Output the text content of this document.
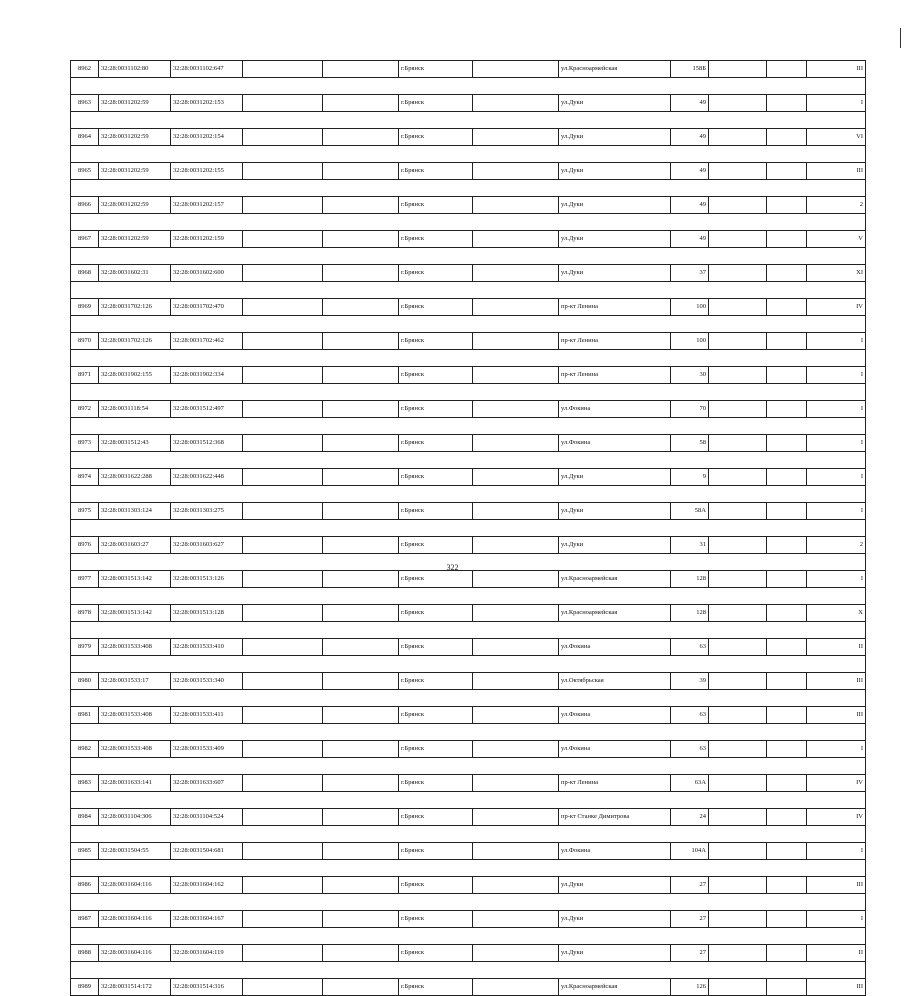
8962	32:28:0031102:80	32:28:0031102:647			г.Брянск		ул.Красноармейская	158Б			III

8963	32:28:0031202:59	32:28:0031202:153			г.Брянск		ул.Дуки	49			I

8964	32:28:0031202:59	32:28:0031202:154			г.Брянск		ул.Дуки	49			VI

8965	32:28:0031202:59	32:28:0031202:155			г.Брянск		ул.Дуки	49			III

8966	32:28:0031202:59	32:28:0031202:157			г.Брянск		ул.Дуки	49			2

8967	32:28:0031202:59	32:28:0031202:159			г.Брянск		ул.Дуки	49			V

8968	32:28:0031602:31	32:28:0031602:600			г.Брянск		ул.Дуки	37			XI

8969	32:28:0031702:126	32:28:0031702:470			г.Брянск		пр-кт Ленина	100			IV

8970	32:28:0031702:126	32:28:0031702:462			г.Брянск		пр-кт Ленина	100			I

8971	32:28:0031902:155	32:28:0031902:334			г.Брянск		пр-кт Ленина	30			I

8972	32:28:0031118:54	32:28:0031512:497			г.Брянск		ул.Фокина	70			I

8973	32:28:0031512:43	32:28:0031512:368			г.Брянск		ул.Фокина	58			I

8974	32:28:0031622:288	32:28:0031622:448			г.Брянск		ул.Дуки	9			I

8975	32:28:0031303:124	32:28:0031303:275			г.Брянск		ул.Дуки	58А			I

8976	32:28:0031603:27	32:28:0031603:627			г.Брянск		ул.Дуки	31			2

8977	32:28:0031513:142	32:28:0031513:126			г.Брянск		ул.Красноармейская	128			I

8978	32:28:0031513:142	32:28:0031513:128			г.Брянск		ул.Красноармейская	128			X

8979	32:28:0031533:408	32:28:0031533:410			г.Брянск		ул.Фокина	63			II

8980	32:28:0031533:17	32:28:0031533:340			г.Брянск		ул.Октябрьская	39			III

8981	32:28:0031533:408	32:28:0031533:411			г.Брянск		ул.Фокина	63			III

8982	32:28:0031533:408	32:28:0031533:409			г.Брянск		ул.Фокина	63			I

8983	32:28:0031633:141	32:28:0031633:607			г.Брянск		пр-кт Ленина	63А			IV

8984	32:28:0031104:306	32:28:0031104:524			г.Брянск		пр-кт Станке Димитрова	24			IV

8985	32:28:0031504:55	32:28:0031504:681			г.Брянск		ул.Фокина	104А			I

8986	32:28:0031604:116	32:28:0031604:162			г.Брянск		ул.Дуки	27			III

8987	32:28:0031604:116	32:28:0031604:167			г.Брянск		ул.Дуки	27			I

8988	32:28:0031604:116	32:28:0031604:119			г.Брянск		ул.Дуки	27			II

8989	32:28:0031514:172	32:28:0031514:316			г.Брянск		ул.Красноармейская	126			III
322
